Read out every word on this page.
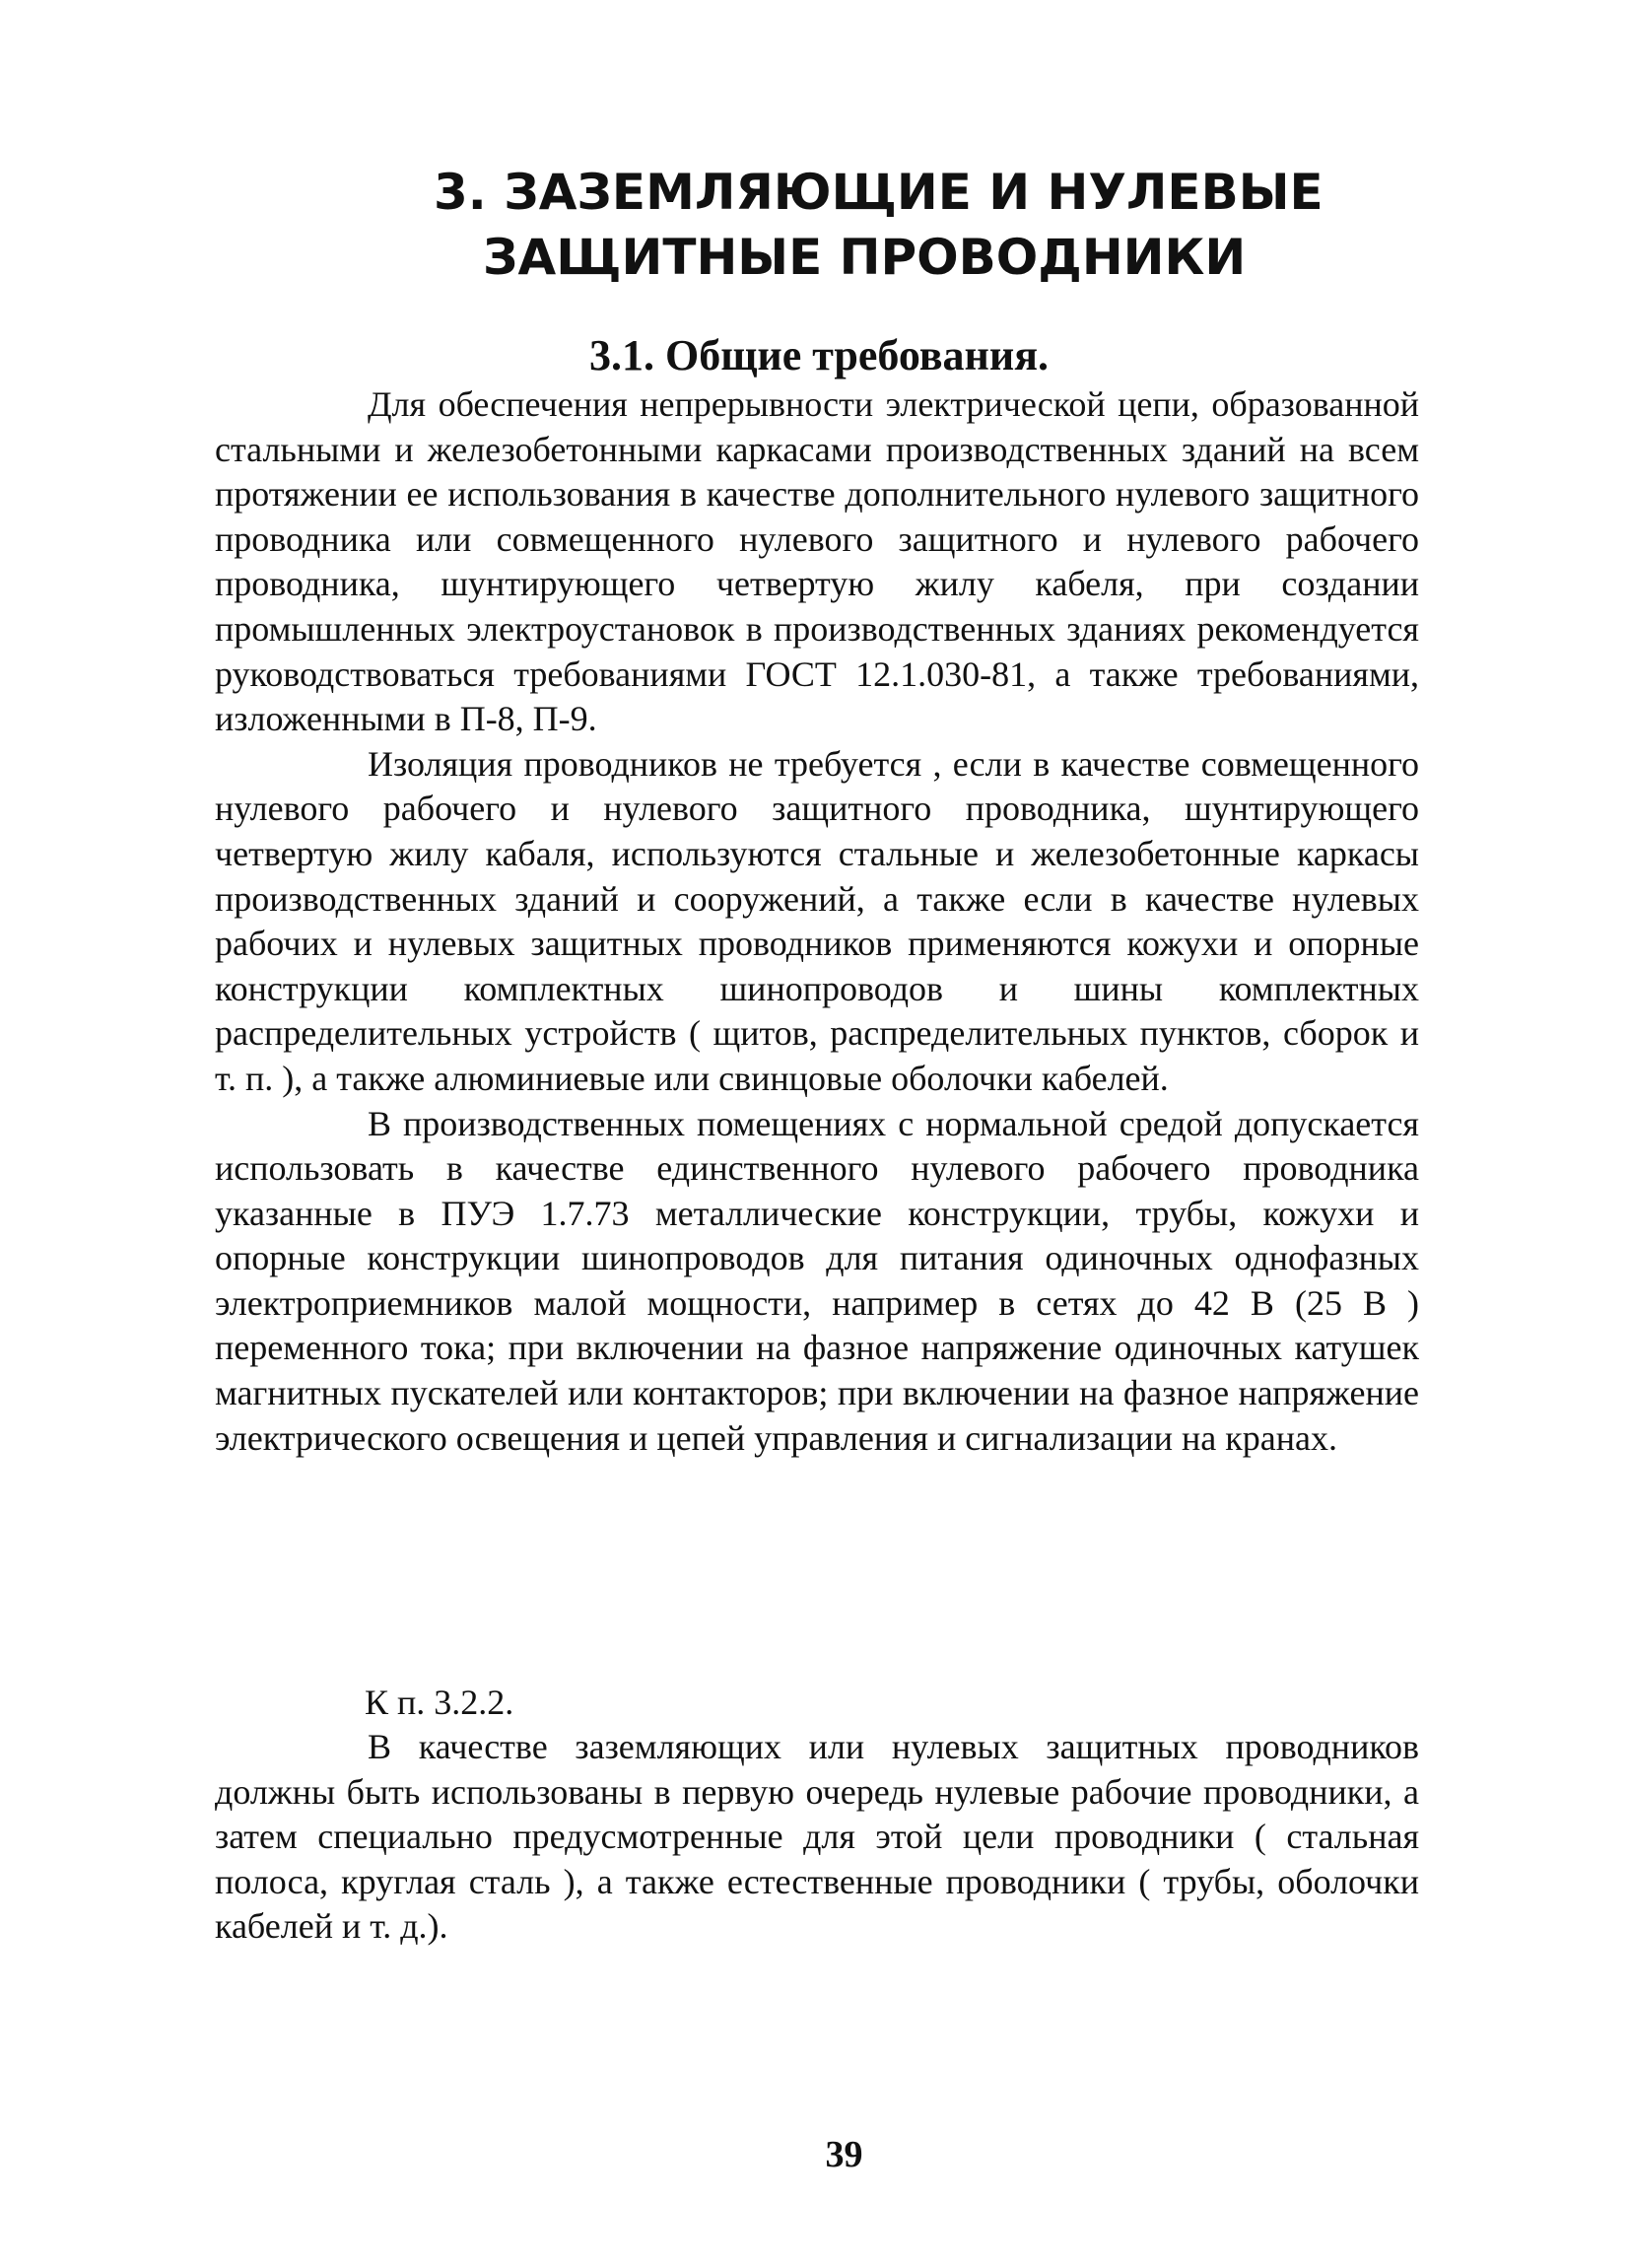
3. ЗАЗЕМЛЯЮЩИЕ И НУЛЕВЫЕ
ЗАЩИТНЫЕ ПРОВОДНИКИ
3.1. Общие требования.

Для обеспечения непрерывности электрической цепи, образованной стальными и железобетонными каркасами производственных зданий на всем протяжении ее использования в качестве дополнительного нулевого защитного проводника или совмещенного нулевого защитного и нулевого рабочего проводника, шунтирующего четвертую жилу кабеля, при создании промышленных электроустановок в производственных зданиях рекомендуется руководствоваться требованиями ГОСТ 12.1.030-81, а также требованиями, изложенными в П-8, П-9.

Изоляция проводников не требуется , если в качестве совмещенного нулевого рабочего и нулевого защитного проводника, шунтирующего четвертую жилу кабаля, используются стальные и железобетонные каркасы производственных зданий и сооружений, а также если в качестве нулевых рабочих и нулевых защитных проводников применяются кожухи и опорные конструкции комплектных шинопроводов и шины комплектных распределительных устройств ( щитов, распределительных пунктов, сборок и т. п. ), а также алюминиевые или свинцовые оболочки кабелей.

В производственных помещениях с нормальной средой допускается использовать в качестве единственного нулевого рабочего проводника указанные в ПУЭ 1.7.73 металлические конструкции, трубы, кожухи и опорные конструкции шинопроводов для питания одиночных однофазных электроприемников малой мощности, например в сетях до 42 В (25 В ) переменного тока; при включении на фазное напряжение одиночных катушек магнитных пускателей или контакторов; при включении на фазное напряжение электрического освещения и цепей управления и сигнализации на кранах.

К п. 3.2.2.

В качестве заземляющих или нулевых защитных проводников должны быть использованы в первую очередь нулевые рабочие проводники, а затем специально предусмотренные для этой цели проводники ( стальная полоса, круглая сталь ), а также естественные проводники ( трубы, оболочки кабелей и т. д.).

39
